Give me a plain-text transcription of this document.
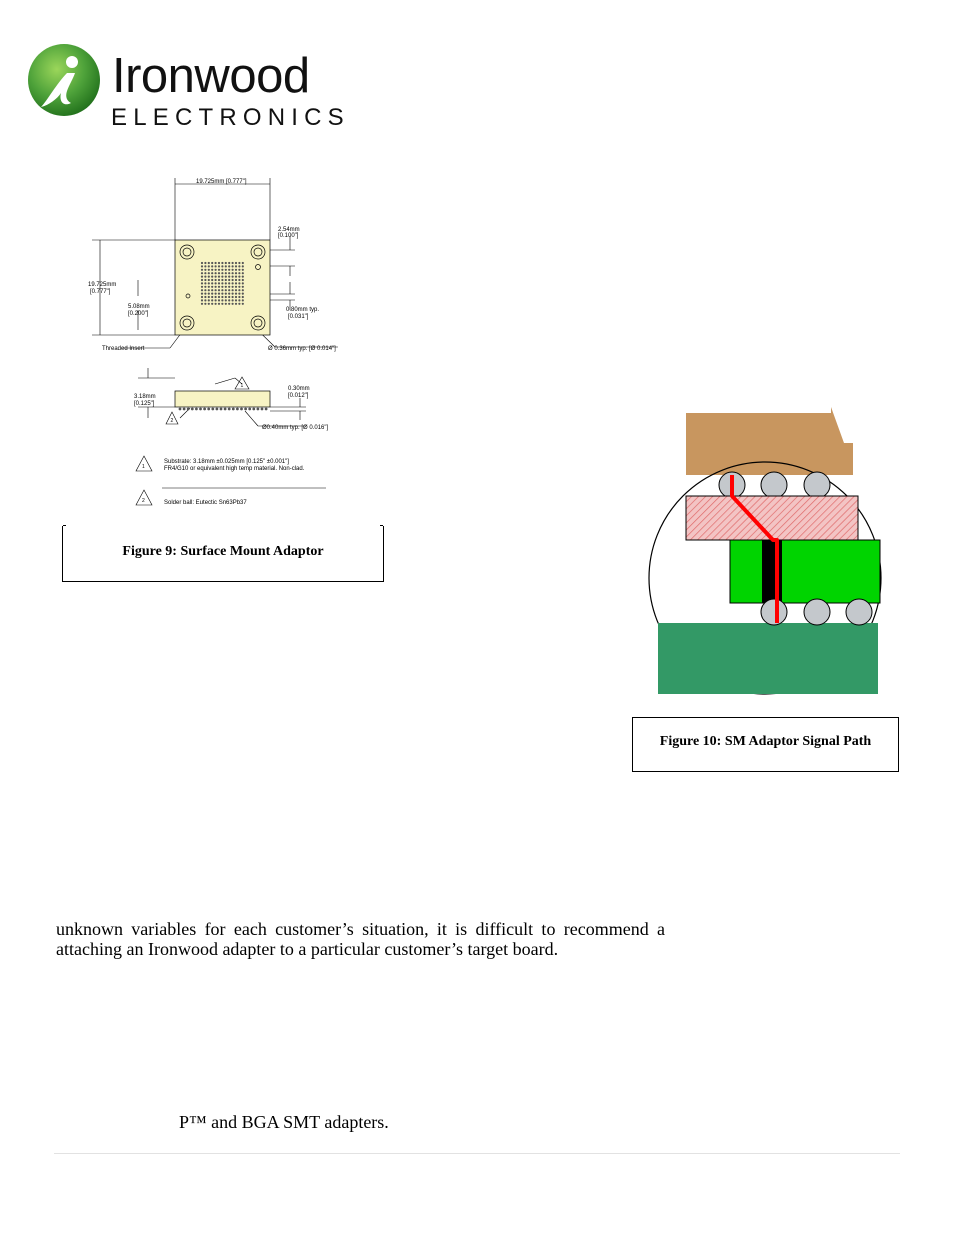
Ironwood
ELECTRONICS
19.725mm [0.777"]
19.725mm
[0.777"]
5.08mm
[0.200"]
2.54mm
[0.100"]
0.80mm typ.
[0.031"]
Threaded Insert	Ø 0.36mm typ. [Ø 0.014"]
1
2
3.18mm
[0.125"]
0.30mm
[0.012"]
Ø0.40mm typ. [Ø 0.016"]
1
Substrate: 3.18mm ±0.025mm [0.125" ±0.001"]
FR4/G10 or equivalent high temp material. Non-clad.
2	Solder ball: Eutectic Sn63Pb37
Figure 9: Surface Mount Adaptor
Figure 10: SM Adaptor Signal Path
unknown variables for each customer’s situation, it is difficult to recommend a
attaching an Ironwood adapter to a particular customer’s target board.
P™ and BGA SMT adapters.
